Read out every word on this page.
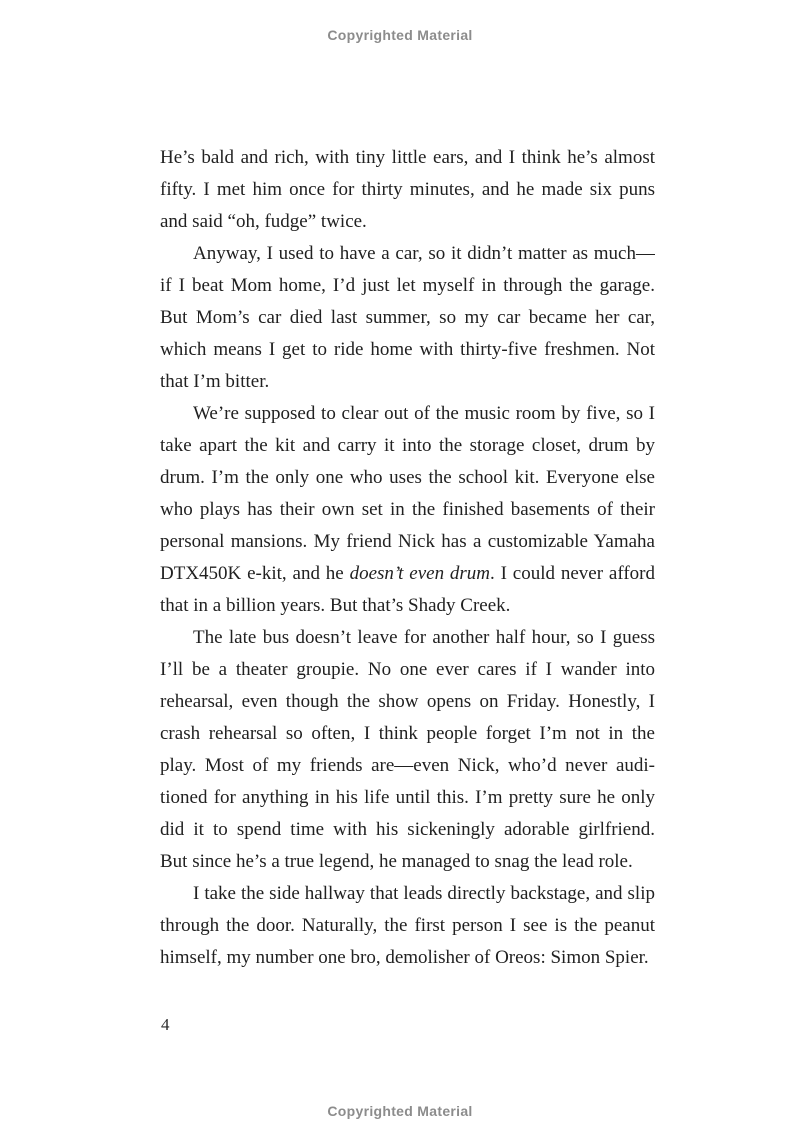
Copyrighted Material
He’s bald and rich, with tiny little ears, and I think he’s almost
fifty. I met him once for thirty minutes, and he made six puns
and said “oh, fudge” twice.
Anyway, I used to have a car, so it didn’t matter as much—
if I beat Mom home, I’d just let myself in through the garage.
But Mom’s car died last summer, so my car became her car,
which means I get to ride home with thirty-five freshmen. Not
that I’m bitter.
We’re supposed to clear out of the music room by five, so I
take apart the kit and carry it into the storage closet, drum by
drum. I’m the only one who uses the school kit. Everyone else
who plays has their own set in the finished basements of their
personal mansions. My friend Nick has a customizable Yamaha
DTX450K e-kit, and he doesn’t even drum. I could never afford
that in a billion years. But that’s Shady Creek.
The late bus doesn’t leave for another half hour, so I guess
I’ll be a theater groupie. No one ever cares if I wander into
rehearsal, even though the show opens on Friday. Honestly, I
crash rehearsal so often, I think people forget I’m not in the
play. Most of my friends are—even Nick, who’d never audi-
tioned for anything in his life until this. I’m pretty sure he only
did it to spend time with his sickeningly adorable girlfriend.
But since he’s a true legend, he managed to snag the lead role.
I take the side hallway that leads directly backstage, and slip
through the door. Naturally, the first person I see is the peanut
himself, my number one bro, demolisher of Oreos: Simon Spier.
4
Copyrighted Material
